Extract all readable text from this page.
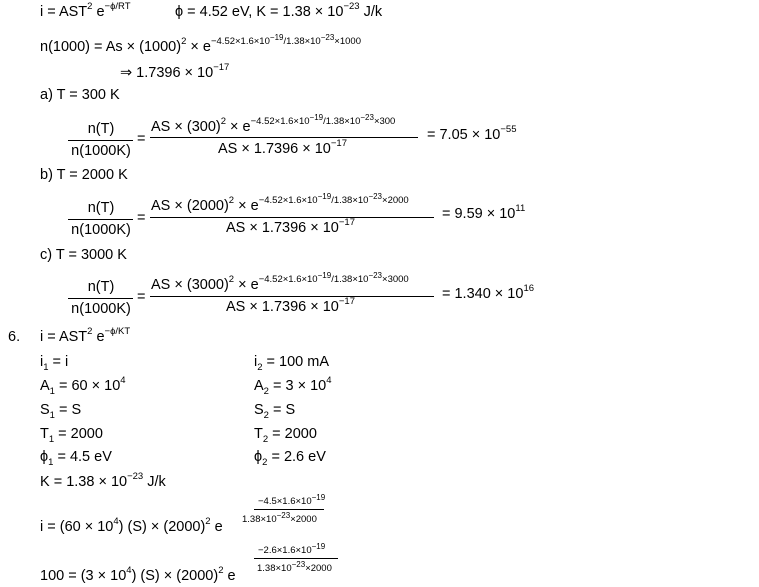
$i = AST^2$ $e^{-\phi/RT}$	ϕ = 4.52 eV, $K = 1.38 \times 10^{-23}$ J/k
$n(1000) = As \times (1000)^2 \times e^{-4.52\times 1.6\times 10^{-19}/1.38\times 10^{-23}\times 1000}$
⇒ $1.7396 \times 10^{-17}$
a) T = 300 K
n(T)
n(1000K)
=
AS × $(300)^2 \times e^{-4.52\times 1.6\times 10^{-19}/1.38\times 10^{-23}\times 300}$
AS × $1.7396 \times 10^{-17}$
= $7.05 \times 10^{-55}$
b) T = 2000 K
n(T)
n(1000K)
=
AS × $(2000)^2 \times e^{-4.52\times 1.6\times 10^{-19}/1.38\times 10^{-23}\times 2000}$
AS × $1.7396 \times 10^{-17}$
= $9.59 \times 10^{11}$
c) T = 3000 K
n(T)
n(1000K)
=
AS × $(3000)^2 \times e^{-4.52\times 1.6\times 10^{-19}/1.38\times 10^{-23}\times 3000}$
AS × $1.7396 \times 10^{-17}$	= $1.340 \times 10^{16}$
6. $i = AST^2$ $e^{-\phi/KT}$
$i_1 = i$
$A_1 = 60 \times 10^4$
$S_1 = S$
$T_1 = 2000$
$\phi_1 = 4.5$ eV
$K = 1.38 \times 10^{-23}$ J/k
$i_2 = 100$ mA
$A_2 = 3 \times 10^4$
$S_2 = S$
$T_2 = 2000$
$\phi_2 = 2.6$ eV
$-4.5\times 1.6\times 10^{-19}$
$1.38\times 10^{-23}\times 2000$
$i = (60 \times 10^4)$ $(S) \times (2000)^2$ e
$-2.6\times 1.6\times 10^{-19}$
$1.38\times 10^{-23}\times 2000$
$100 = (3 \times 10^4)$ $(S) \times (2000)^2$ e
